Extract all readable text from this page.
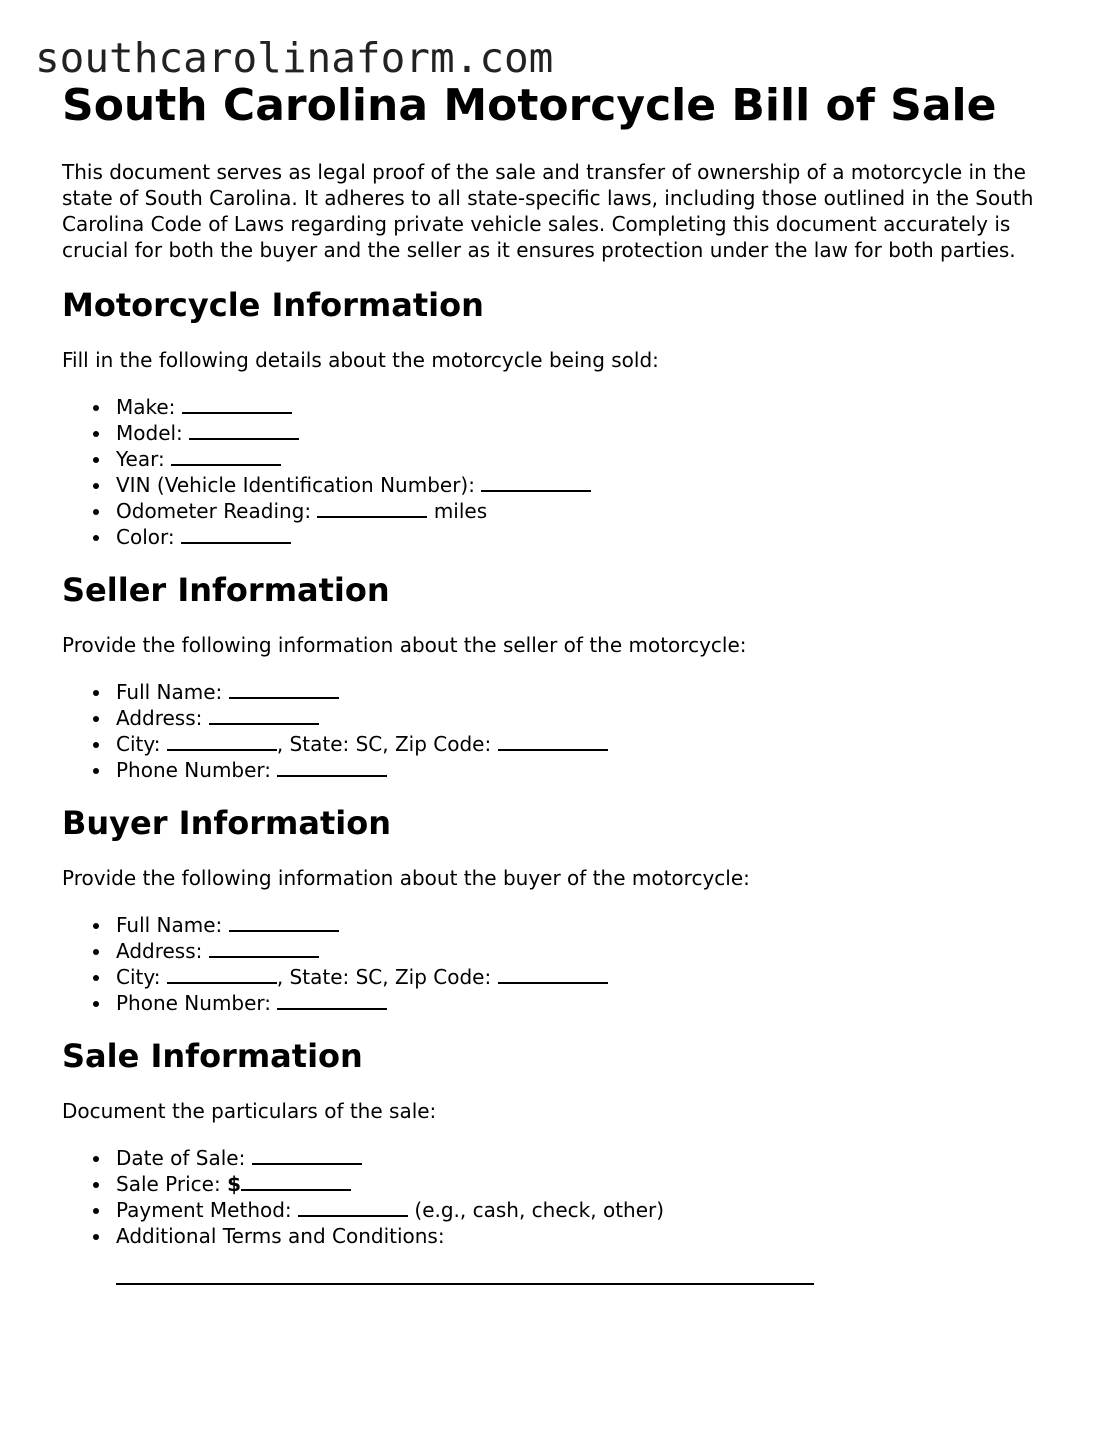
southcarolinaform.com
South Carolina Motorcycle Bill of Sale

This document serves as legal proof of the sale and transfer of ownership of a motorcycle in the state of South Carolina. It adheres to all state-specific laws, including those outlined in the South Carolina Code of Laws regarding private vehicle sales. Completing this document accurately is crucial for both the buyer and the seller as it ensures protection under the law for both parties.

Motorcycle Information

Fill in the following details about the motorcycle being sold:

Make:
Model:
Year:
VIN (Vehicle Identification Number):
Odometer Reading:	miles
Color:
Seller Information

Provide the following information about the seller of the motorcycle:

Full Name:
Address:
City:	, State: SC, Zip Code:
Phone Number:
Buyer Information

Provide the following information about the buyer of the motorcycle:

Full Name:
Address:
City:	, State: SC, Zip Code:
Phone Number:
Sale Information

Document the particulars of the sale:

Date of Sale:
Sale Price: $
Payment Method:	(e.g., cash, check, other)
Additional Terms and Conditions:
